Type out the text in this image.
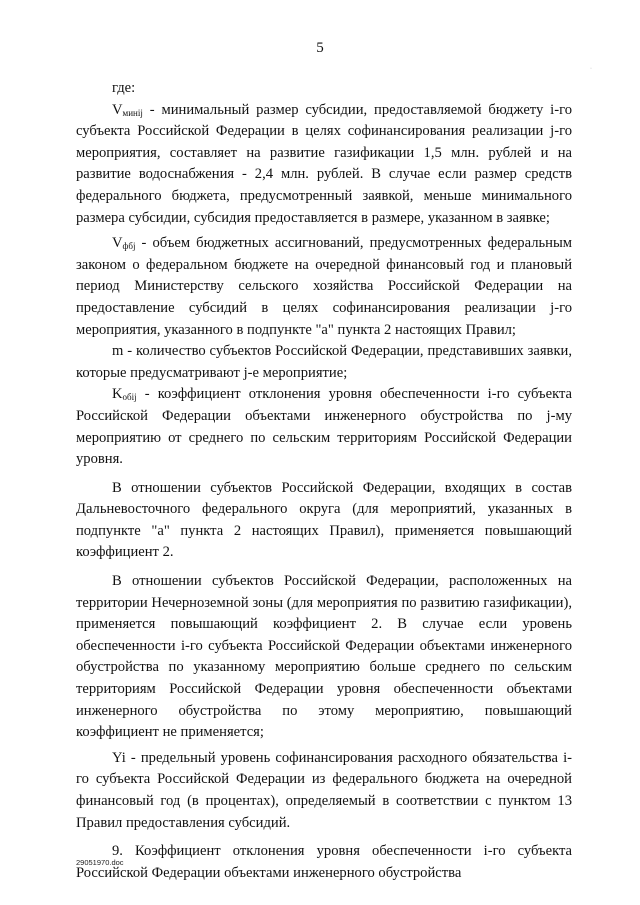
5
·

где:

$V_{минij}$ - минимальный размер субсидии, предоставляемой бюджету i-го субъекта Российской Федерации в целях софинансирования реализации j-го мероприятия, составляет на развитие газификации 1,5 млн. рублей и на развитие водоснабжения - 2,4 млн. рублей. В случае если размер средств федерального бюджета, предусмотренный заявкой, меньше минимального размера субсидии, субсидия предоставляется в размере, указанном в заявке;

$V_{фбj}$ - объем бюджетных ассигнований, предусмотренных федеральным законом о федеральном бюджете на очередной финансовый год и плановый период Министерству сельского хозяйства Российской Федерации на предоставление субсидий в целях софинансирования реализации j-го мероприятия, указанного в подпункте "а" пункта 2 настоящих Правил;

m - количество субъектов Российской Федерации, представивших заявки, которые предусматривают j-е мероприятие;

$K_{обij}$ - коэффициент отклонения уровня обеспеченности i-го субъекта Российской Федерации объектами инженерного обустройства по j-му мероприятию от среднего по сельским территориям Российской Федерации уровня.

В отношении субъектов Российской Федерации, входящих в состав Дальневосточного федерального округа (для мероприятий, указанных в подпункте "а" пункта 2 настоящих Правил), применяется повышающий коэффициент 2.

В отношении субъектов Российской Федерации, расположенных на территории Нечерноземной зоны (для мероприятия по развитию газификации), применяется повышающий коэффициент 2. В случае если уровень обеспеченности i-го субъекта Российской Федерации объектами инженерного обустройства по указанному мероприятию больше среднего по сельским территориям Российской Федерации уровня обеспеченности объектами инженерного обустройства по этому мероприятию, повышающий коэффициент не применяется;

Yi - предельный уровень софинансирования расходного обязательства i-го субъекта Российской Федерации из федерального бюджета на очередной финансовый год (в процентах), определяемый в соответствии с пунктом 13 Правил предоставления субсидий.

9. Коэффициент отклонения уровня обеспеченности i-го субъекта Российской Федерации объектами инженерного обустройства

29051970.doc
